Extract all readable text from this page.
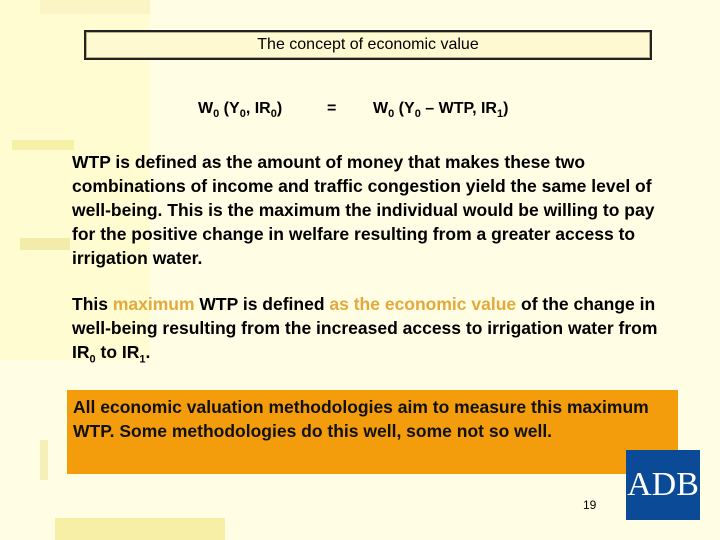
The concept of economic value
$W_0$ ($Y_0$, $IR_0$)	= $W_0$ ($Y_0$ – WTP, $IR_1$)
WTP is defined as the amount of money that makes these two combinations of income and traffic congestion yield the same level of well-being. This is the maximum the individual would be willing to pay for the positive change in welfare resulting from a greater access to irrigation water.
This maximum WTP is defined as the economic value of the change in well-being resulting from the increased access to irrigation water from $IR_0$ to $IR_1$.
All economic valuation methodologies aim to measure this maximum WTP. Some methodologies do this well, some not so well.
19
ADB
